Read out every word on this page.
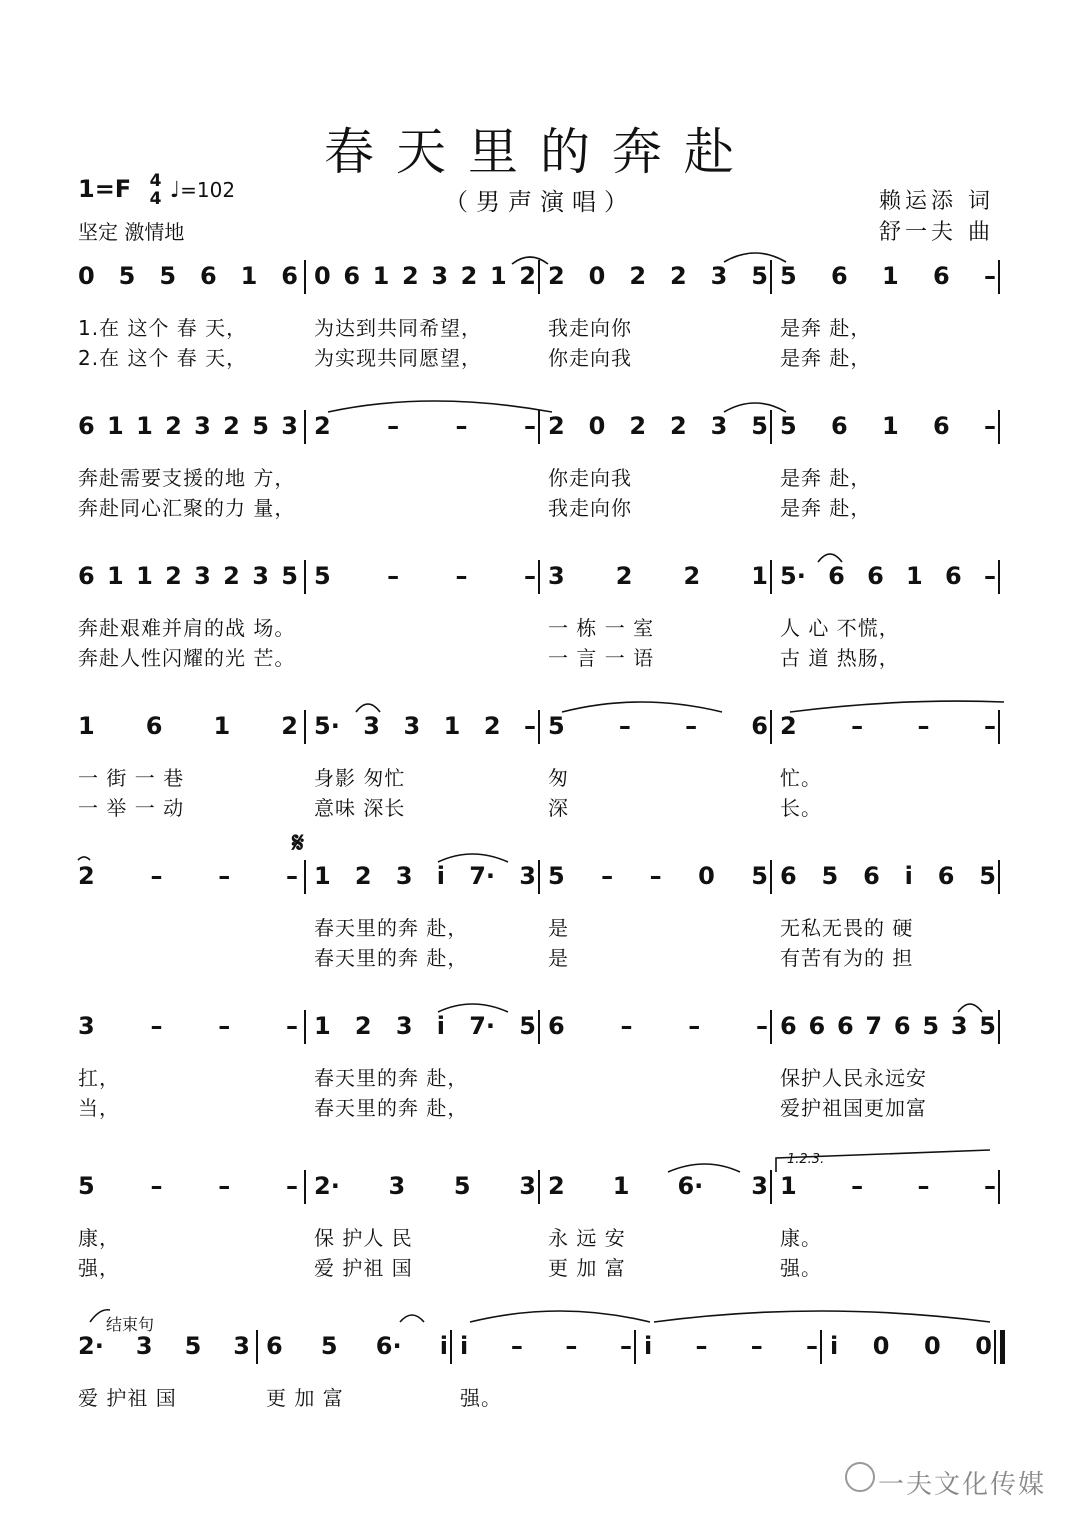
春天里的奔赴
（男声演唱）
1=F 4
4 ♩=102
坚定 激情地
赖运添 词
舒一夫 曲
𝄋
1.2.3.
结束句
0 5 5 6 1 6 0 6 1 2 3 2 1 2 2 0 2 2 3 5 5 6 1 6 –
1.在 这个 春 天，	为达到共同希望，	我走向你	是奔 赴，
2.在 这个 春 天，	为实现共同愿望，	你走向我	是奔 赴，
6 1 1 2 3 2 5 3 2 – – – 2 0 2 2 3 5 5 6 1 6 –
奔赴需要支援的地 方，	你走向我	是奔 赴，
奔赴同心汇聚的力 量，	我走向你	是奔 赴，
6 1 1 2 3 2 3 5 5 – – – 3 2 2 1 5· 6 6 1 6 –
奔赴艰难并肩的战 场。	一 栋 一 室	人 心 不慌，
奔赴人性闪耀的光 芒。	一 言 一 语	古 道 热肠，
1 6 1 2 5· 3 3 1 2 – 5 – – 6 2 – – –
一 街 一 巷	身影 匆忙	匆	忙。
一 举 一 动	意味 深长	深	长。
2 – – – 1 2 3 i 7· 3 5 – – 0 5 6 5 6 i 6 5
春天里的奔 赴，	是	无私无畏的 硬
春天里的奔 赴，	是	有苦有为的 担
3 – – – 1 2 3 i 7· 5 6 – – – 6 6 6 7 6 5 3 5
扛，	春天里的奔 赴，	保护人民永远安
当，	春天里的奔 赴，	爱护祖国更加富
5 – – – 2· 3 5 3 2 1 6· 3 1 – – –
康，	保 护人 民	永 远 安	康。
强，	爱 护祖 国	更 加 富	强。
2· 3 5 3 6 5 6· i i – – – i – – – i 0 0 0
爱 护祖 国	更 加 富	强。
一夫文化传媒
